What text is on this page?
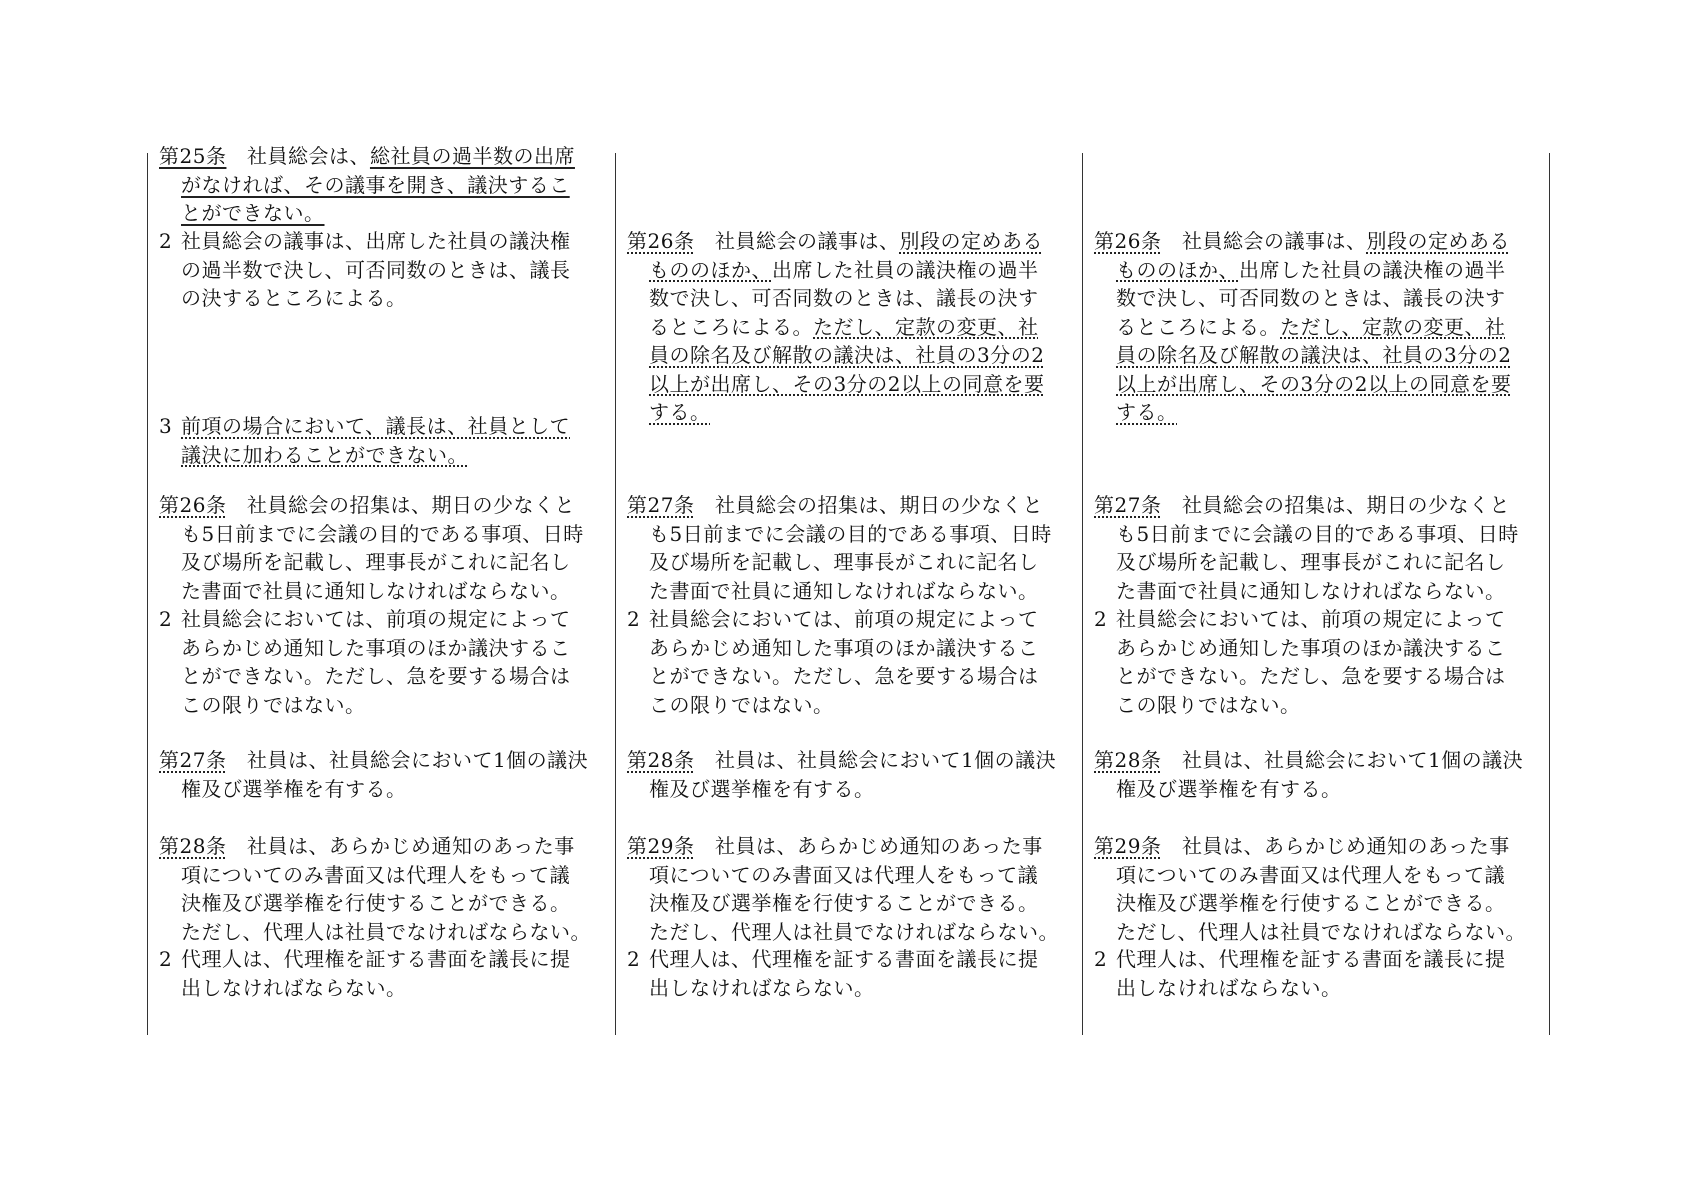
第25条　社員総会は、総社員の過半数の出席
がなければ、その議事を開き、議決するこ
とができない。
2 社員総会の議事は、出席した社員の議決権
の過半数で決し、可否同数のときは、議長
の決するところによる。
3 前項の場合において、議長は、社員として
議決に加わることができない。
第26条　社員総会の招集は、期日の少なくと
も5日前までに会議の目的である事項、日時
及び場所を記載し、理事長がこれに記名し
た書面で社員に通知しなければならない。
2 社員総会においては、前項の規定によって
あらかじめ通知した事項のほか議決するこ
とができない。ただし、急を要する場合は
この限りではない。
第27条　社員は、社員総会において1個の議決
権及び選挙権を有する。
第28条　社員は、あらかじめ通知のあった事
項についてのみ書面又は代理人をもって議
決権及び選挙権を行使することができる。
ただし、代理人は社員でなければならない。
2 代理人は、代理権を証する書面を議長に提
出しなければならない。
第26条　社員総会の議事は、別段の定めある
もののほか、出席した社員の議決権の過半
数で決し、可否同数のときは、議長の決す
るところによる。ただし、定款の変更、社
員の除名及び解散の議決は、社員の3分の2
以上が出席し、その3分の2以上の同意を要
する。
第27条　社員総会の招集は、期日の少なくと
も5日前までに会議の目的である事項、日時
及び場所を記載し、理事長がこれに記名し
た書面で社員に通知しなければならない。
2 社員総会においては、前項の規定によって
あらかじめ通知した事項のほか議決するこ
とができない。ただし、急を要する場合は
この限りではない。
第28条　社員は、社員総会において1個の議決
権及び選挙権を有する。
第29条　社員は、あらかじめ通知のあった事
項についてのみ書面又は代理人をもって議
決権及び選挙権を行使することができる。
ただし、代理人は社員でなければならない。
2 代理人は、代理権を証する書面を議長に提
出しなければならない。
第26条　社員総会の議事は、別段の定めある
もののほか、出席した社員の議決権の過半
数で決し、可否同数のときは、議長の決す
るところによる。ただし、定款の変更、社
員の除名及び解散の議決は、社員の3分の2
以上が出席し、その3分の2以上の同意を要
する。
第27条　社員総会の招集は、期日の少なくと
も5日前までに会議の目的である事項、日時
及び場所を記載し、理事長がこれに記名し
た書面で社員に通知しなければならない。
2 社員総会においては、前項の規定によって
あらかじめ通知した事項のほか議決するこ
とができない。ただし、急を要する場合は
この限りではない。
第28条　社員は、社員総会において1個の議決
権及び選挙権を有する。
第29条　社員は、あらかじめ通知のあった事
項についてのみ書面又は代理人をもって議
決権及び選挙権を行使することができる。
ただし、代理人は社員でなければならない。
2 代理人は、代理権を証する書面を議長に提
出しなければならない。
